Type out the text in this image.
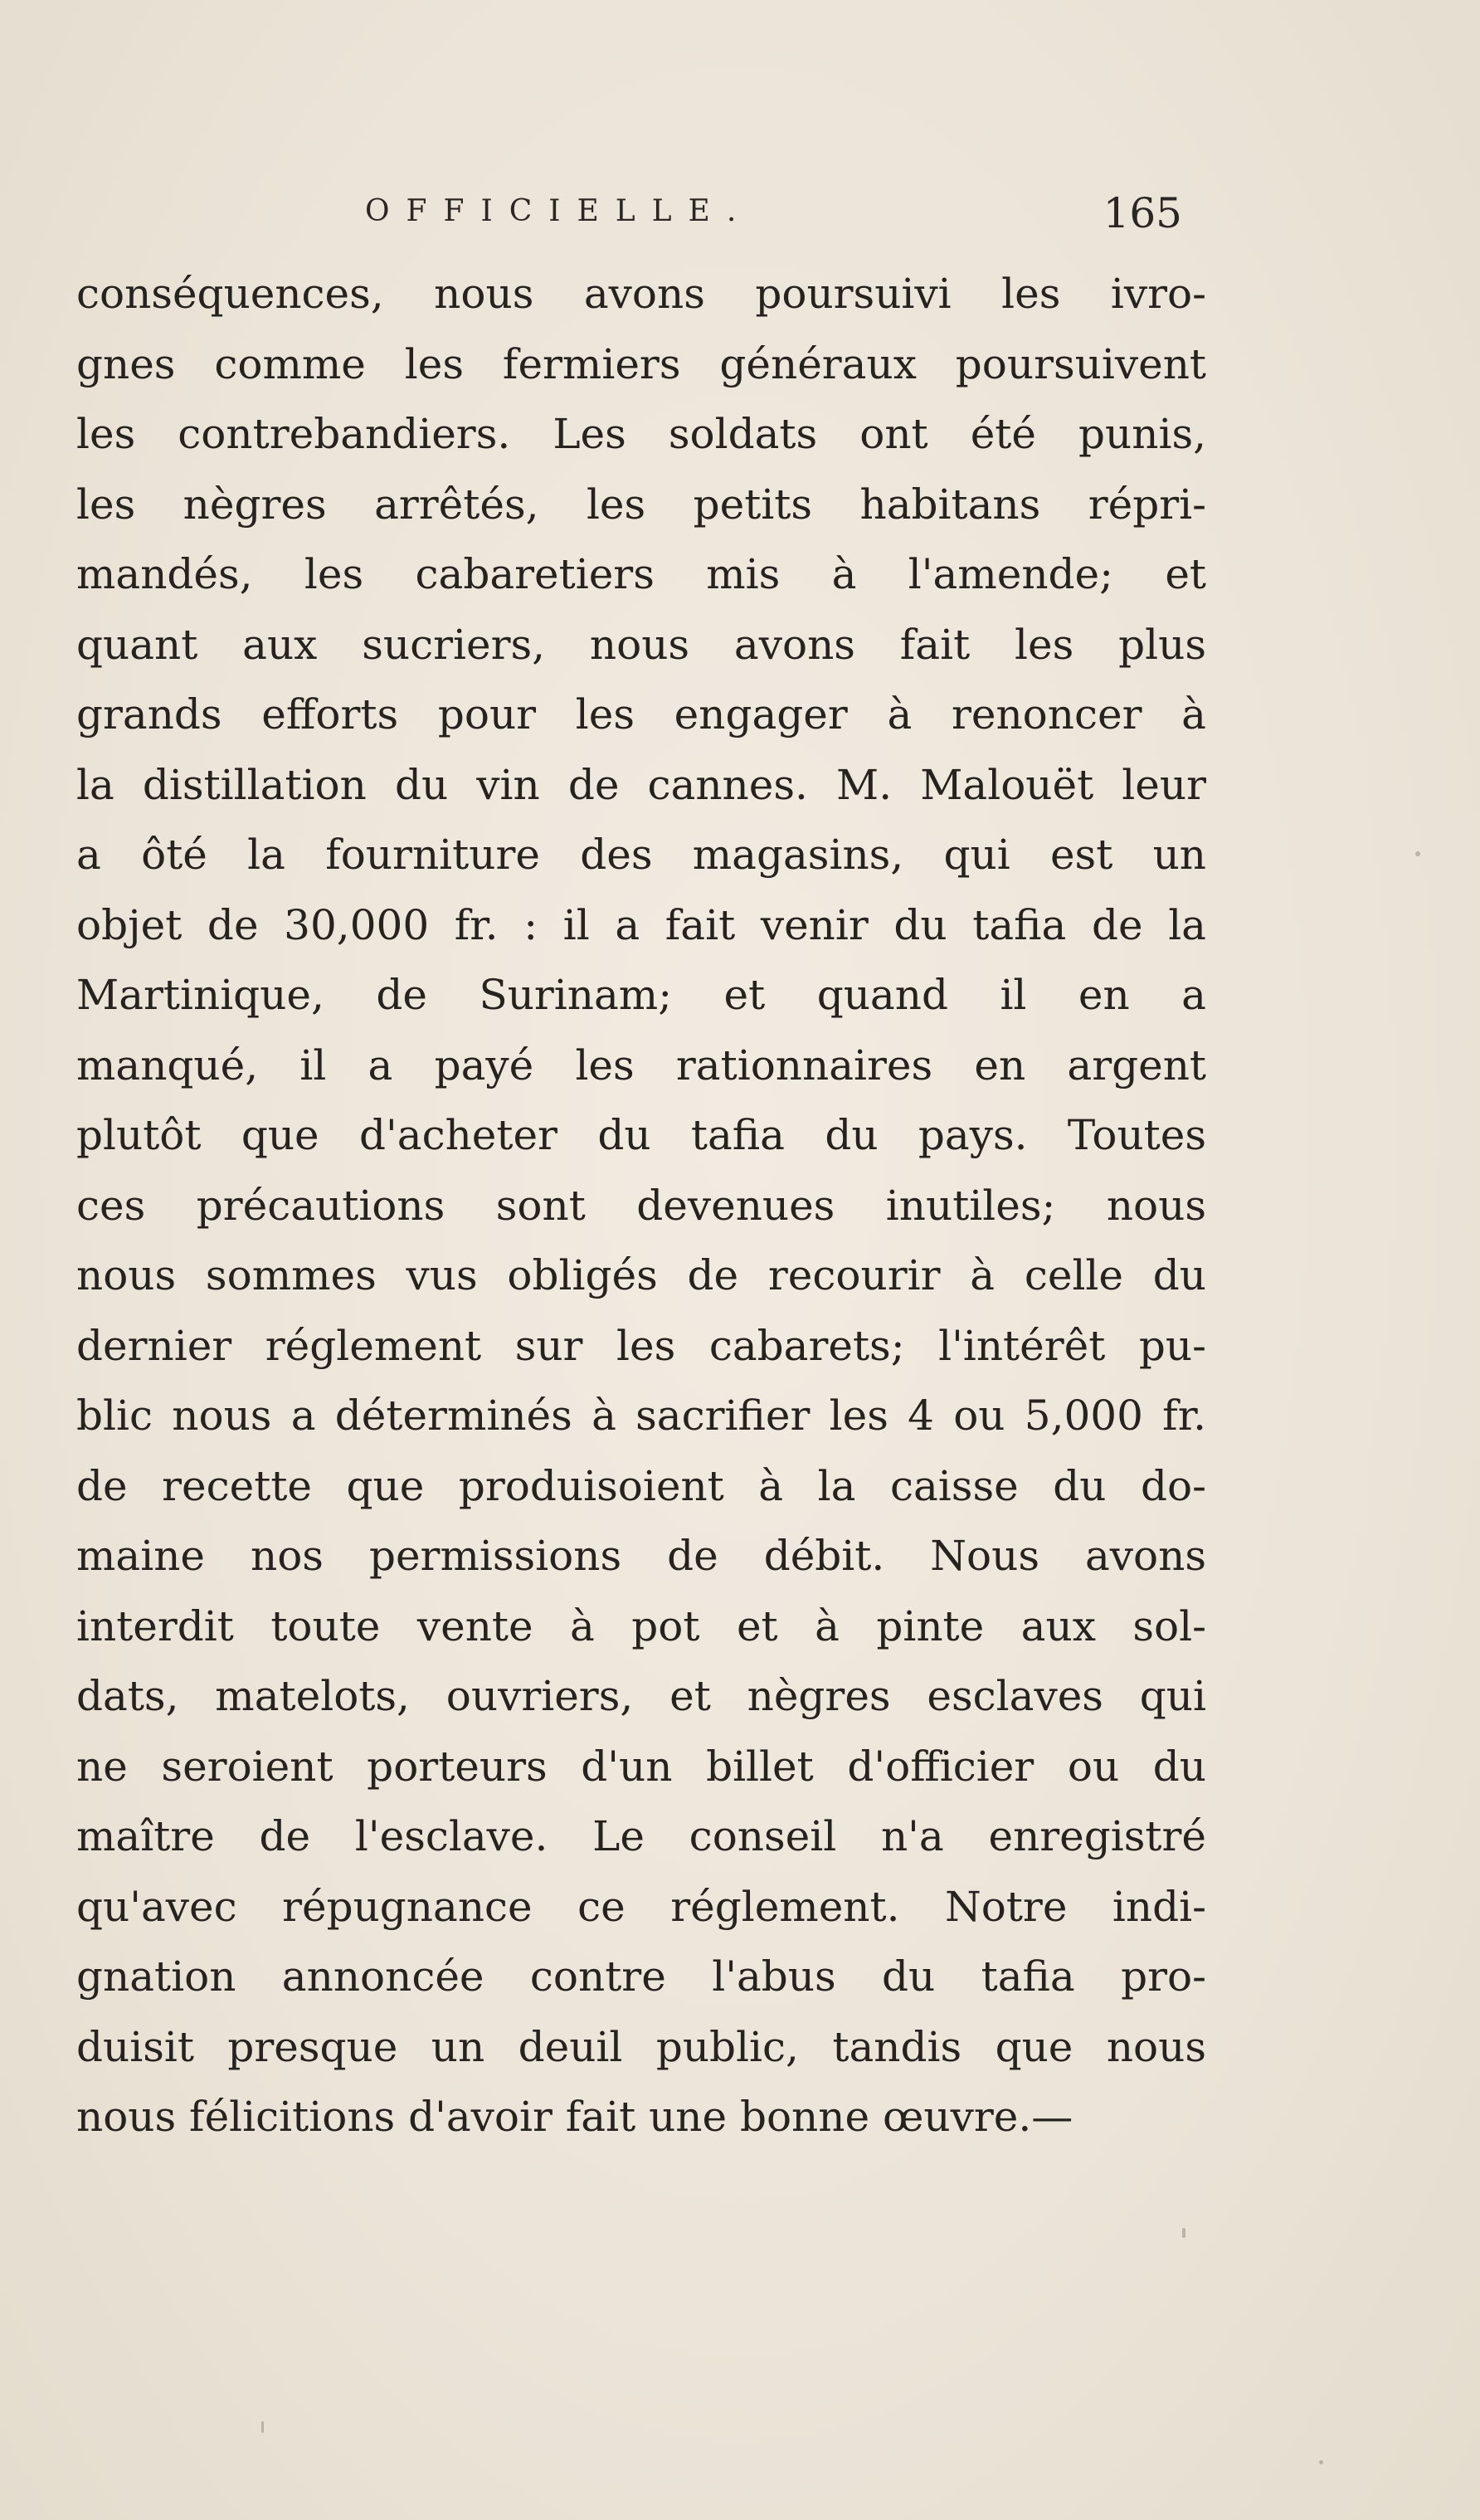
OFFICIELLE.	165
conséquences, nous avons poursuivi les ivro-
gnes comme les fermiers généraux poursuivent
les contrebandiers. Les soldats ont été punis,
les nègres arrêtés, les petits habitans répri-
mandés, les cabaretiers mis à l'amende; et
quant aux sucriers, nous avons fait les plus
grands efforts pour les engager à renoncer à
la distillation du vin de cannes. M. Malouët leur
a ôté la fourniture des magasins, qui est un
objet de 30,000 fr. : il a fait venir du tafia de la
Martinique, de Surinam; et quand il en a
manqué, il a payé les rationnaires en argent
plutôt que d'acheter du tafia du pays. Toutes
ces précautions sont devenues inutiles; nous
nous sommes vus obligés de recourir à celle du
dernier réglement sur les cabarets; l'intérêt pu-
blic nous a déterminés à sacrifier les 4 ou 5,000 fr.
de recette que produisoient à la caisse du do-
maine nos permissions de débit. Nous avons
interdit toute vente à pot et à pinte aux sol-
dats, matelots, ouvriers, et nègres esclaves qui
ne seroient porteurs d'un billet d'officier ou du
maître de l'esclave. Le conseil n'a enregistré
qu'avec répugnance ce réglement. Notre indi-
gnation annoncée contre l'abus du tafia pro-
duisit presque un deuil public, tandis que nous
nous félicitions d'avoir fait une bonne œuvre.—
